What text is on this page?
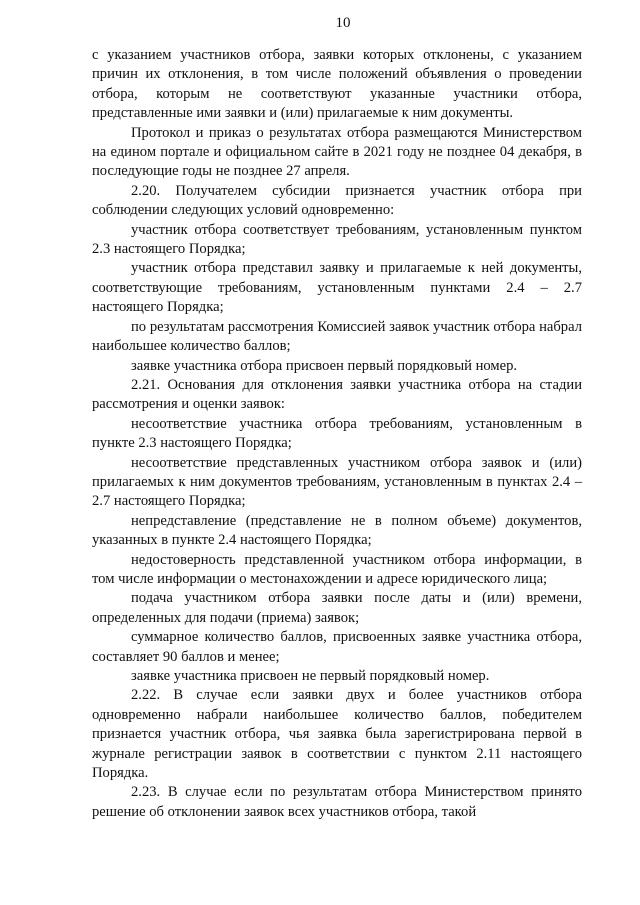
10

с указанием участников отбора, заявки которых отклонены, с указанием причин их отклонения, в том числе положений объявления о проведении отбора, которым не соответствуют указанные участники отбора, представленные ими заявки и (или) прилагаемые к ним документы.

Протокол и приказ о результатах отбора размещаются Министерством на едином портале и официальном сайте в 2021 году не позднее 04 декабря, в последующие годы не позднее 27 апреля.

2.20. Получателем субсидии признается участник отбора при соблюдении следующих условий одновременно:

участник отбора соответствует требованиям, установленным пунктом 2.3 настоящего Порядка;

участник отбора представил заявку и прилагаемые к ней документы, соответствующие требованиям, установленным пунктами 2.4 – 2.7 настоящего Порядка;

по результатам рассмотрения Комиссией заявок участник отбора набрал наибольшее количество баллов;

заявке участника отбора присвоен первый порядковый номер.

2.21. Основания для отклонения заявки участника отбора на стадии рассмотрения и оценки заявок:

несоответствие участника отбора требованиям, установленным в пункте 2.3 настоящего Порядка;

несоответствие представленных участником отбора заявок и (или) прилагаемых к ним документов требованиям, установленным в пунктах 2.4 – 2.7 настоящего Порядка;

непредставление (представление не в полном объеме) документов, указанных в пункте 2.4 настоящего Порядка;

недостоверность представленной участником отбора информации, в том числе информации о местонахождении и адресе юридического лица;

подача участником отбора заявки после даты и (или) времени, определенных для подачи (приема) заявок;

суммарное количество баллов, присвоенных заявке участника отбора, составляет 90 баллов и менее;

заявке участника присвоен не первый порядковый номер.

2.22. В случае если заявки двух и более участников отбора одновременно набрали наибольшее количество баллов, победителем признается участник отбора, чья заявка была зарегистрирована первой в журнале регистрации заявок в соответствии с пунктом 2.11 настоящего Порядка.

2.23. В случае если по результатам отбора Министерством принято решение об отклонении заявок всех участников отбора, такой
